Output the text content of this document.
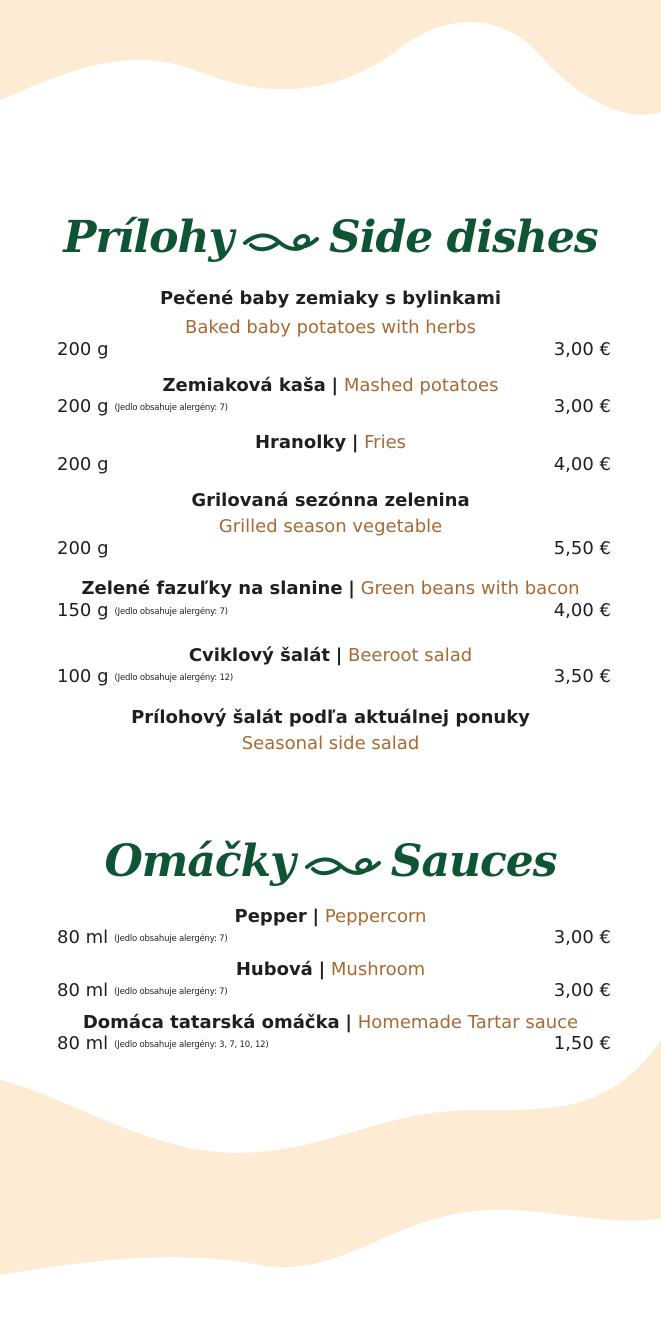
Prílohy Side dishes
Pečené baby zemiaky s bylinkami
Baked baby potatoes with herbs
200 g	3,00 €
Zemiaková kaša | Mashed potatoes
200 g (Jedlo obsahuje alergény: 7)	3,00 €
Hranolky | Fries
200 g	4,00 €
Grilovaná sezónna zelenina
Grilled season vegetable
200 g	5,50 €
Zelené fazuľky na slanine | Green beans with bacon
150 g (Jedlo obsahuje alergény: 7)	4,00 €
Cviklový šalát | Beeroot salad
100 g (Jedlo obsahuje alergény: 12)	3,50 €
Prílohový šalát podľa aktuálnej ponuky
Seasonal side salad
Omáčky Sauces
Pepper | Peppercorn
80 ml (Jedlo obsahuje alergény: 7)	3,00 €
Hubová | Mushroom
80 ml (Jedlo obsahuje alergény: 7)	3,00 €
Domáca tatarská omáčka | Homemade Tartar sauce
80 ml (Jedlo obsahuje alergény: 3, 7, 10, 12)	1,50 €
